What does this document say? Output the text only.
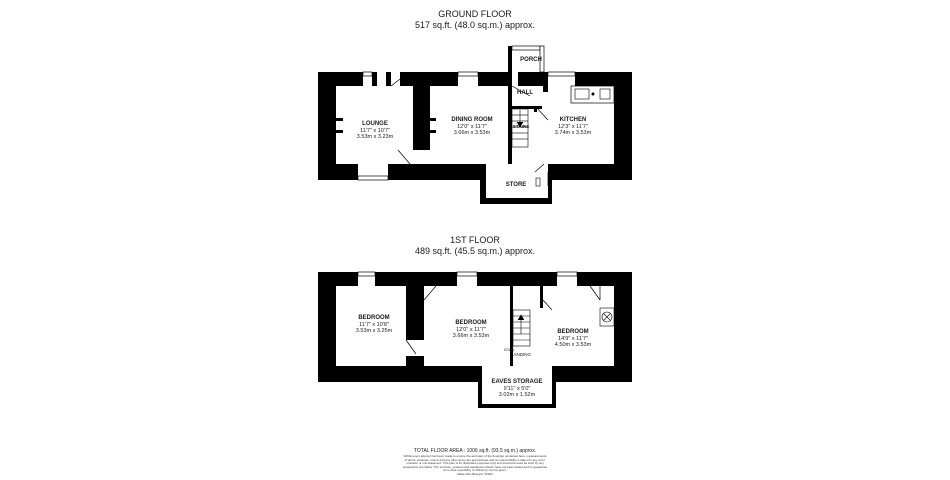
GROUND FLOOR
517 sq.ft. (48.0 sq.m.) approx.
1ST FLOOR
489 sq.ft. (45.5 sq.m.) approx.
LOUNGE
11'7" x 10'7"
3.53m x 3.23m
DINING ROOM
12'0" x 11'7"
3.66m x 3.53m
KITCHEN
12'3" x 11'7"
3.74m x 3.53m
HALL
PORCH
STAIRS
STORE
BEDROOM
11'7" x 10'8"
3.53m x 3.25m
BEDROOM
12'0" x 11'7"
3.66m x 3.53m
BEDROOM
14'9" x 11'7"
4.50m x 3.53m
EAVES STORAGE
9'11" x 5'0"
3.02m x 1.52m
LANDING
DOWN
TOTAL FLOOR AREA : 1006 sq.ft. (93.5 sq.m.) approx.
Whilst every attempt has been made to ensure the accuracy of the floorplan contained here, measurements
of doors, windows, rooms and any other items are approximate and no responsibility is taken for any error,
omission or mis-statement. This plan is for illustrative purposes only and should be used as such by any
prospective purchaser. The services, systems and appliances shown have not been tested and no guarantee
as to their operability or efficiency can be given.
Made with Metropix ©2023
